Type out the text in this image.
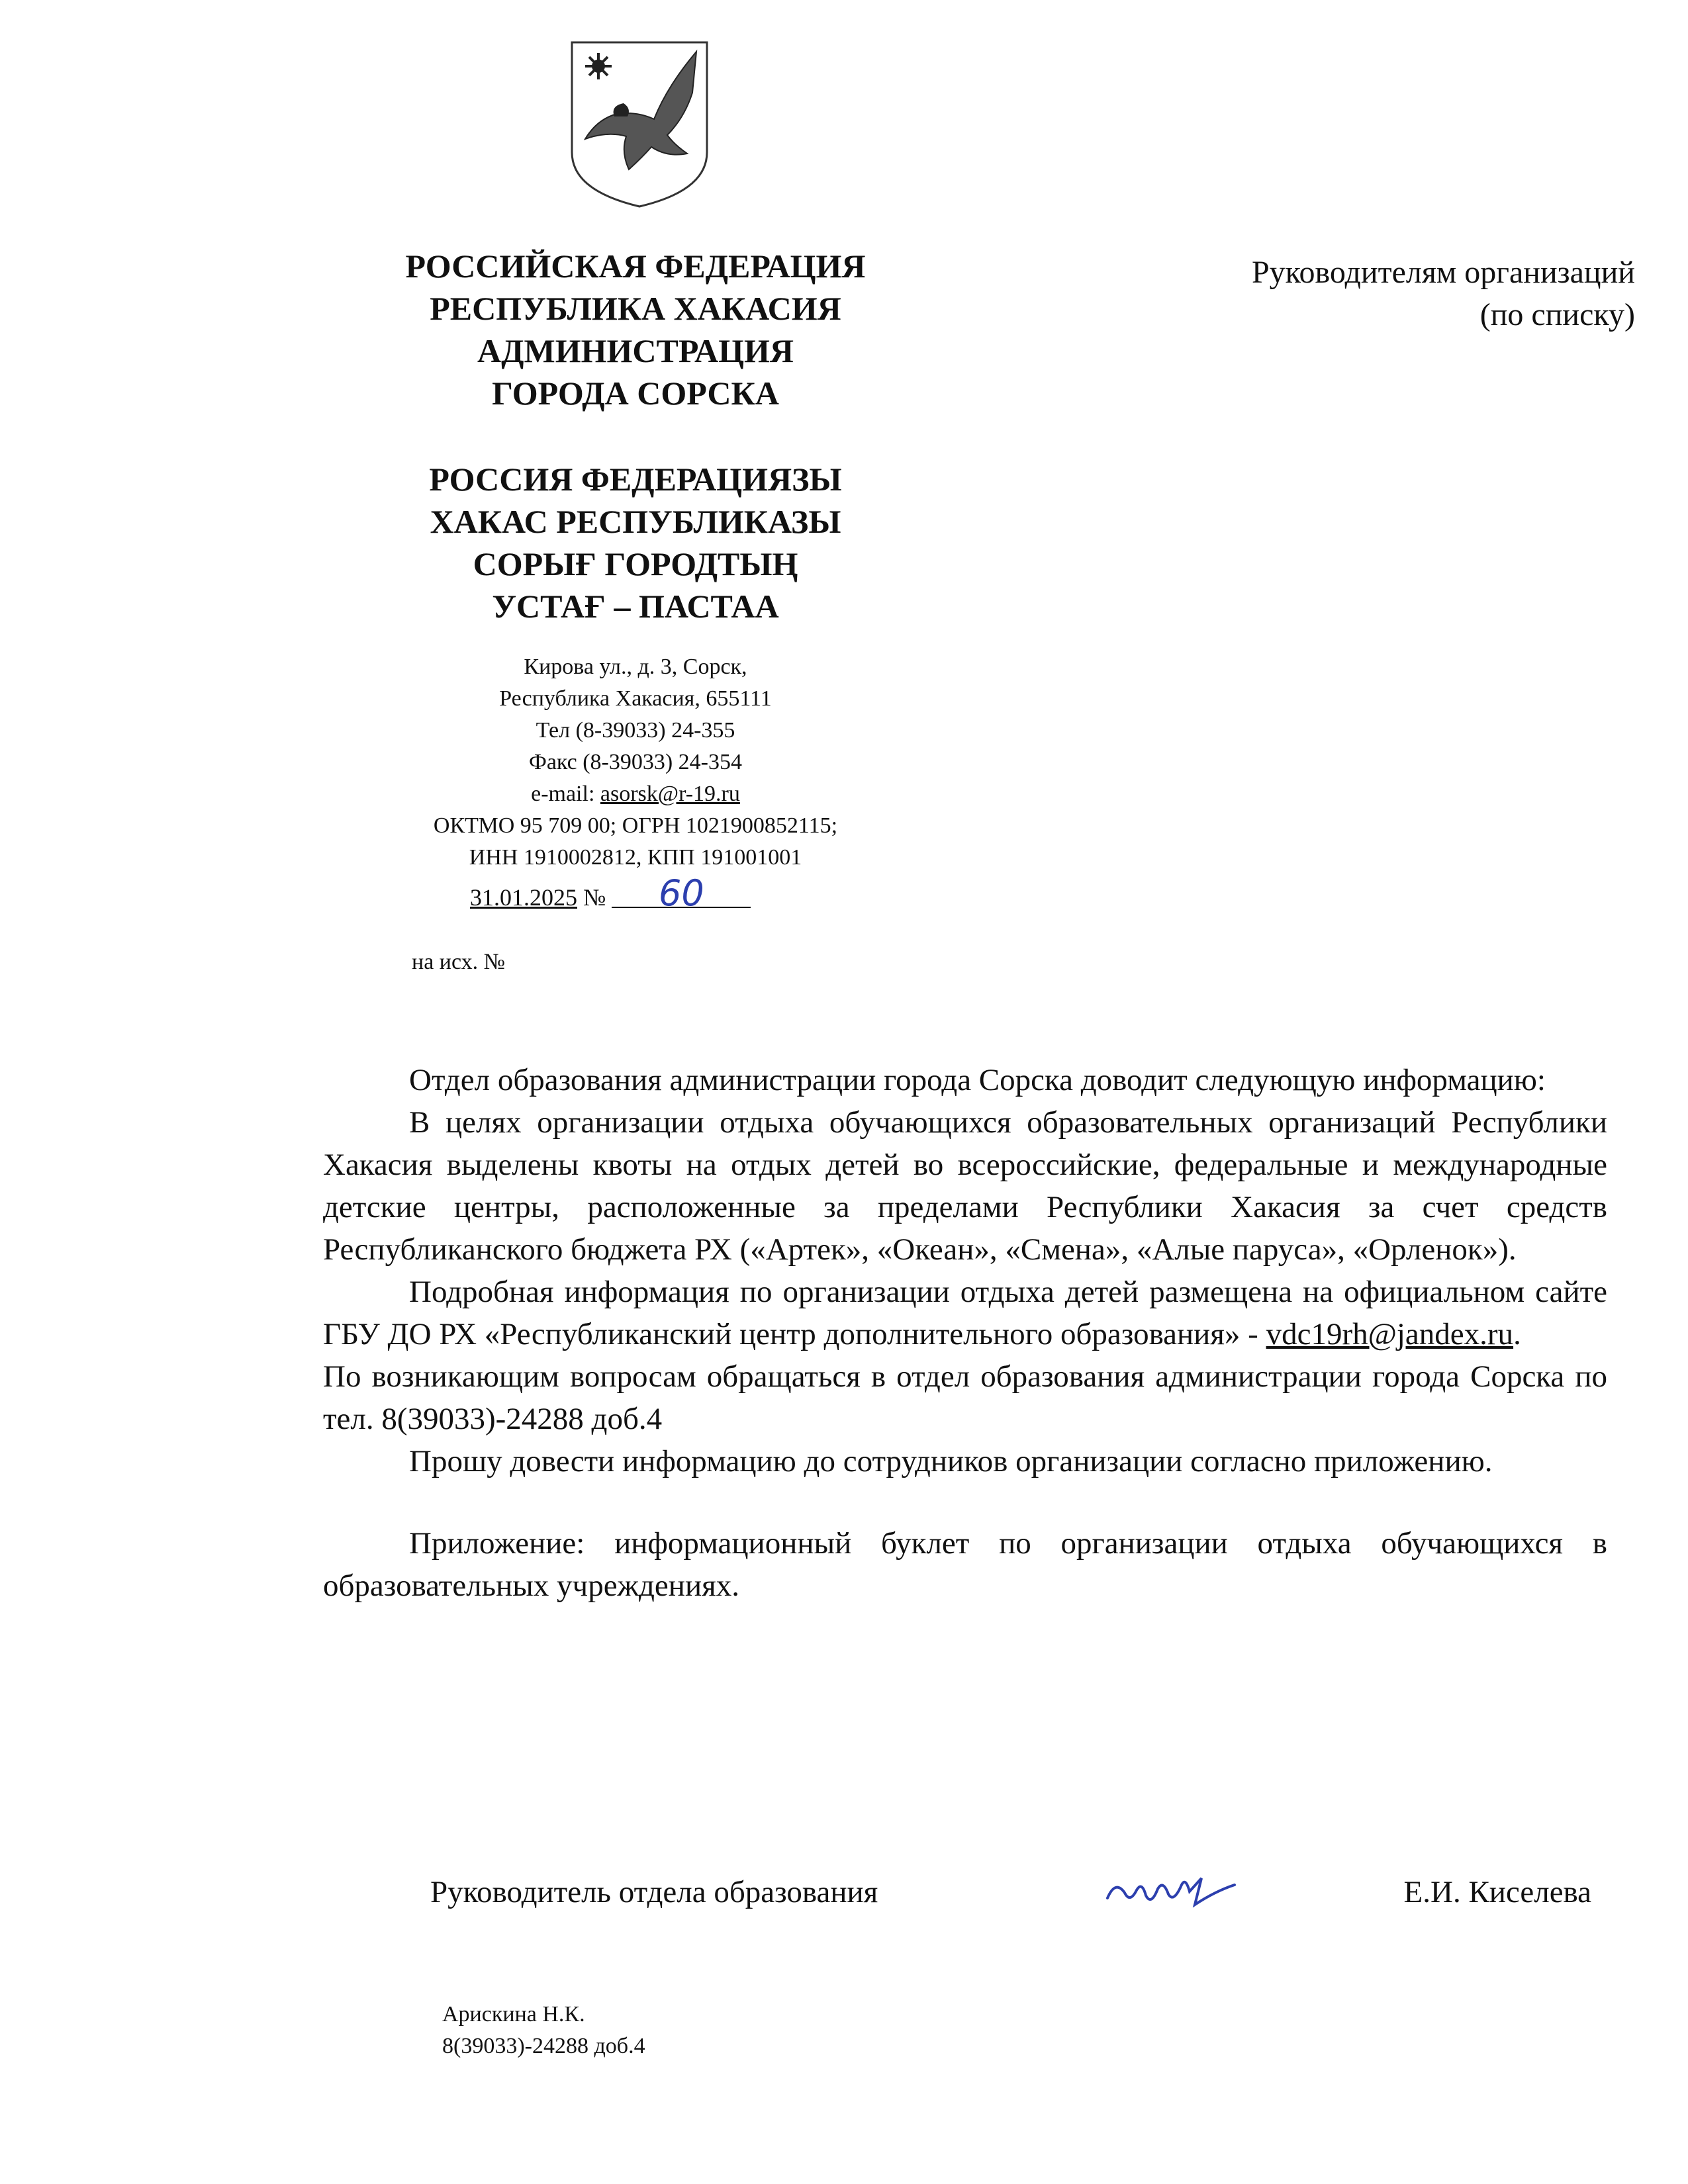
РОССИЙСКАЯ ФЕДЕРАЦИЯ

РЕСПУБЛИКА ХАКАСИЯ

АДМИНИСТРАЦИЯ

ГОРОДА СОРСКА

РОССИЯ ФЕДЕРАЦИЯЗЫ

ХАКАС РЕСПУБЛИКАЗЫ

СОРЫҒ ГОРОДТЫҢ

УСТАҒ – ПАСТАА

Кирова ул., д. 3, Сорск,
Республика Хакасия, 655111
Тел (8-39033) 24-355
Факс (8-39033) 24-354
e-mail: asorsk@r-19.ru
ОКТМО 95 709 00; ОГРН 1021900852115;
ИНН 1910002812, КПП 191001001
31.01.2025 № 60
на исх. №
Руководителям организаций
(по списку)

Отдел образования администрации города Сорска доводит следующую информацию:

В целях организации отдыха обучающихся образовательных организаций Республики Хакасия выделены квоты на отдых детей во всероссийские, федеральные и международные детские центры, расположенные за пределами Республики Хакасия за счет средств Республиканского бюджета РХ («Артек», «Океан», «Смена», «Алые паруса», «Орленок»).

Подробная информация по организации отдыха детей размещена на официальном сайте ГБУ ДО РХ «Республиканский центр дополнительного образования» - vdc19rh@jandex.ru.

По возникающим вопросам обращаться в отдел образования администрации города Сорска по тел. 8(39033)-24288 доб.4

Прошу довести информацию до сотрудников организации согласно приложению.

Приложение: информационный буклет по организации отдыха обучающихся в образовательных учреждениях.

Руководитель отдела образования	Е.И. Киселева
Арискина Н.К.
8(39033)-24288 доб.4
